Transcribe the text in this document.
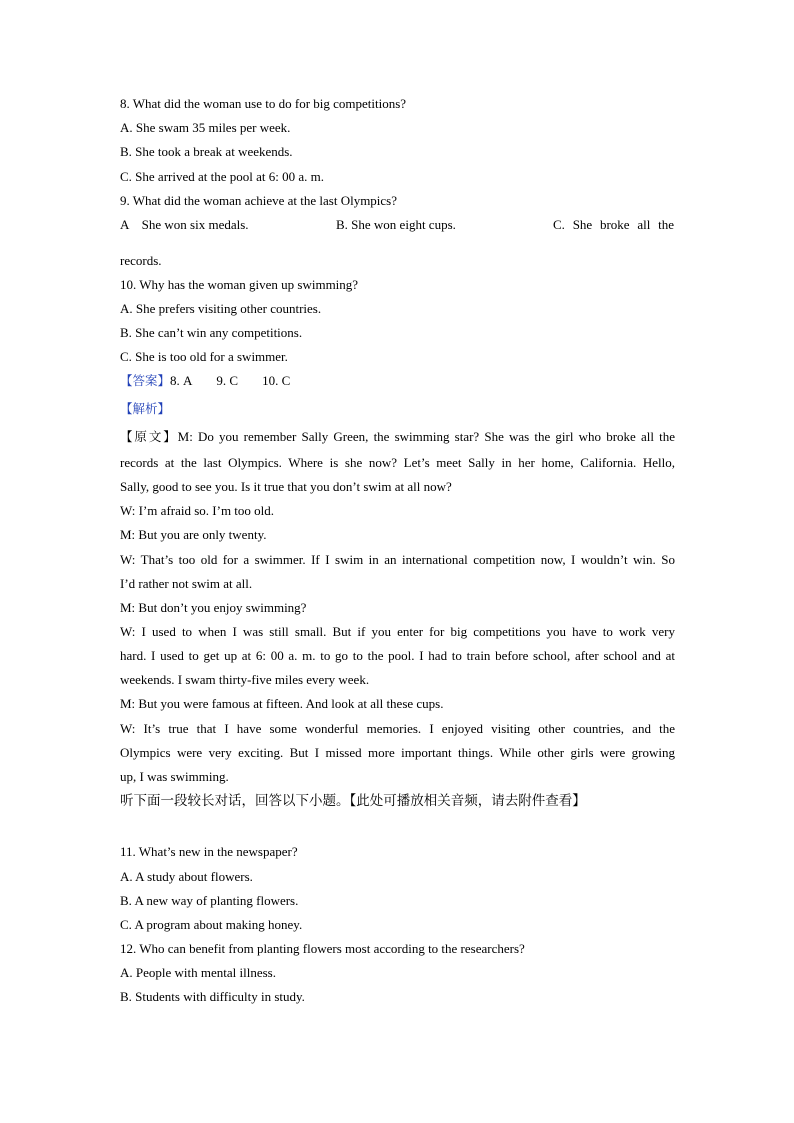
8. What did the woman use to do for big competitions?
A. She swam 35 miles per week.
B. She took a break at weekends.
C. She arrived at the pool at 6: 00 a. m.
9. What did the woman achieve at the last Olympics?
A    She won six medals.	B. She won eight cups.	C. She broke all the
records.
10. Why has the woman given up swimming?
A. She prefers visiting other countries.
B. She can’t win any competitions.
C. She is too old for a swimmer.
【答案】8. A 9. C 10. C
【解析】
【原文】M: Do you remember Sally Green, the swimming star? She was the girl who broke all the
records at the last Olympics. Where is she now? Let’s meet Sally in her home, California. Hello,
Sally, good to see you. Is it true that you don’t swim at all now?
W: I’m afraid so. I’m too old.
M: But you are only twenty.
W: That’s too old for a swimmer. If I swim in an international competition now, I wouldn’t win. So
I’d rather not swim at all.
M: But don’t you enjoy swimming?
W: I used to when I was still small. But if you enter for big competitions you have to work very
hard. I used to get up at 6: 00 a. m. to go to the pool. I had to train before school, after school and at
weekends. I swam thirty-five miles every week.
M: But you were famous at fifteen. And look at all these cups.
W: It’s true that I have some wonderful memories. I enjoyed visiting other countries, and the
Olympics were very exciting. But I missed more important things. While other girls were growing
up, I was swimming.
听下面一段较长对话，回答以下小题。【此处可播放相关音频，请去附件查看】
11. What’s new in the newspaper?
A. A study about flowers.
B. A new way of planting flowers.
C. A program about making honey.
12. Who can benefit from planting flowers most according to the researchers?
A. People with mental illness.
B. Students with difficulty in study.
